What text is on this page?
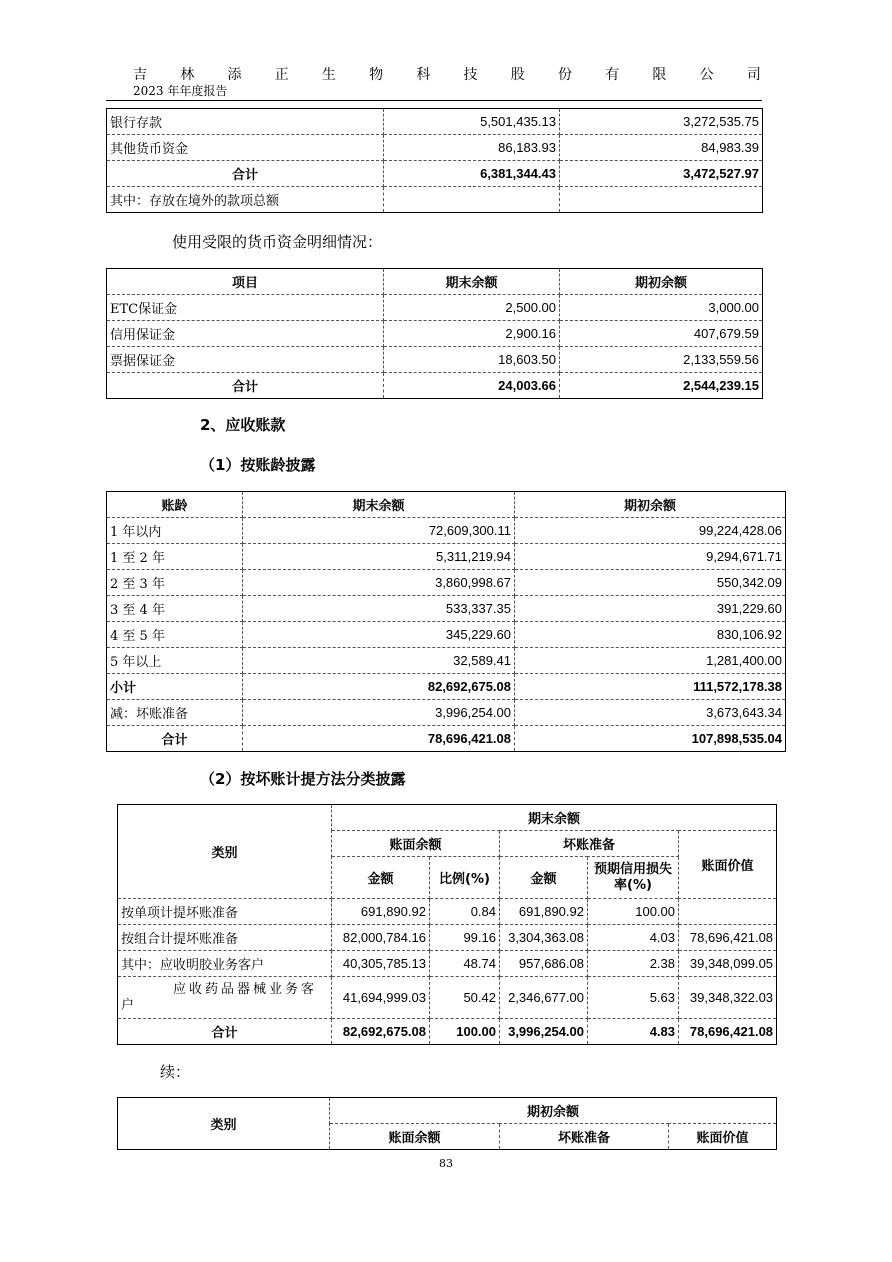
吉 林 添 正 生 物 科 技 股 份 有 限 公 司
2023 年年度报告
银行存款	5,501,435.13	3,272,535.75
其他货币资金	86,183.93	84,983.39
合计	6,381,344.43	3,472,527.97
其中：存放在境外的款项总额		
使用受限的货币资金明细情况：
项目	期末余额	期初余额
ETC保证金	2,500.00	3,000.00
信用保证金	2,900.16	407,679.59
票据保证金	18,603.50	2,133,559.56
合计	24,003.66	2,544,239.15
2、应收账款
（1）按账龄披露
账龄	期末余额	期初余额
1 年以内	72,609,300.11	99,224,428.06
1 至 2 年	5,311,219.94	9,294,671.71
2 至 3 年	3,860,998.67	550,342.09
3 至 4 年	533,337.35	391,229.60
4 至 5 年	345,229.60	830,106.92
5 年以上	32,589.41	1,281,400.00
小计	82,692,675.08	111,572,178.38
减：坏账准备	3,996,254.00	3,673,643.34
合计	78,696,421.08	107,898,535.04
（2）按坏账计提方法分类披露
类别	期末余额				
	账面余额		坏账准备		账面价值
	金额	比例(%)	金额	预期信用损失率(%)	
按单项计提坏账准备	691,890.92	0.84	691,890.92	100.00	
按组合计提坏账准备	82,000,784.16	99.16	3,304,363.08	4.03	78,696,421.08
其中：应收明胶业务客户	40,305,785.13	48.74	957,686.08	2.38	39,348,099.05
应收药品器械业务客户	41,694,999.03	50.42	2,346,677.00	5.63	39,348,322.03
合计	82,692,675.08	100.00	3,996,254.00	4.83	78,696,421.08
续：
类别	期初余额		
	账面余额	坏账准备	账面价值
83
